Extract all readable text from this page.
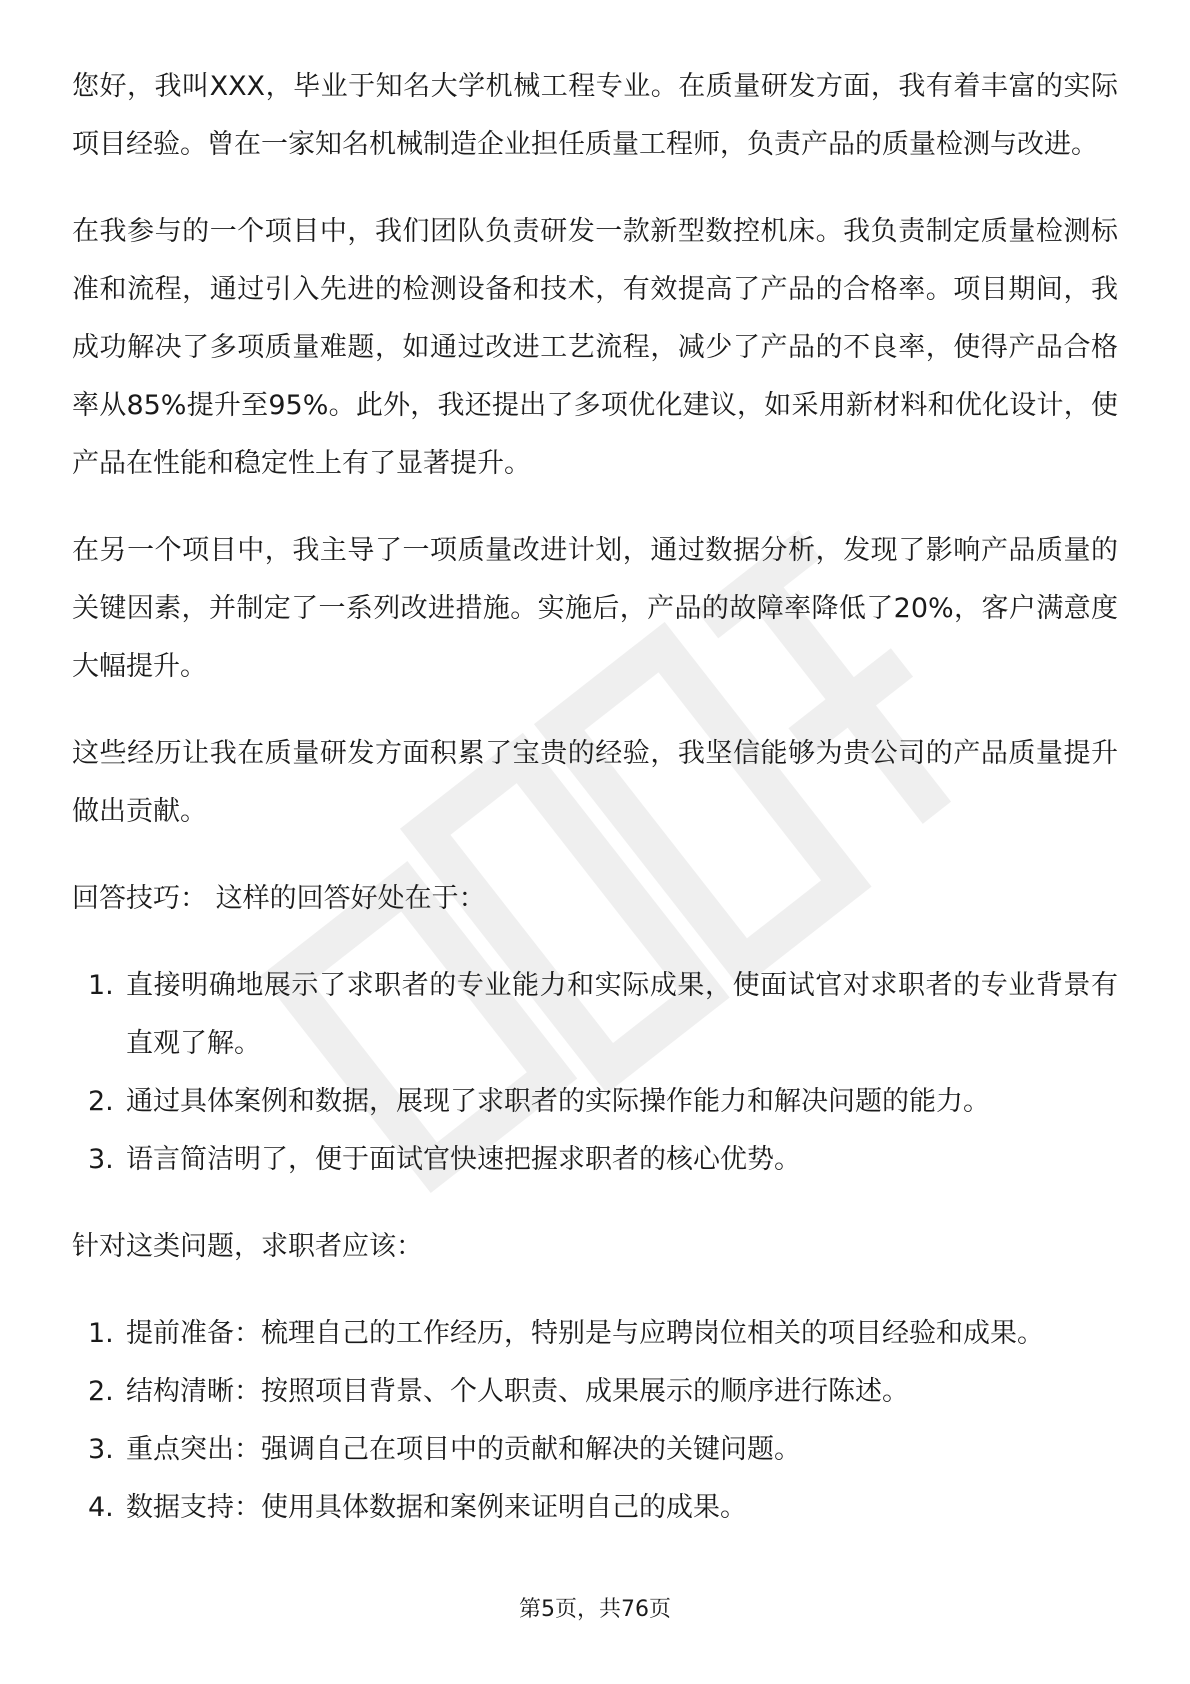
您好，我叫XXX，毕业于知名大学机械工程专业。在质量研发方面，我有着丰富的实际项目经验。曾在一家知名机械制造企业担任质量工程师，负责产品的质量检测与改进。

在我参与的一个项目中，我们团队负责研发一款新型数控机床。我负责制定质量检测标准和流程，通过引入先进的检测设备和技术，有效提高了产品的合格率。项目期间，我成功解决了多项质量难题，如通过改进工艺流程，减少了产品的不良率，使得产品合格率从85%提升至95%。此外，我还提出了多项优化建议，如采用新材料和优化设计，使产品在性能和稳定性上有了显著提升。

在另一个项目中，我主导了一项质量改进计划，通过数据分析，发现了影响产品质量的关键因素，并制定了一系列改进措施。实施后，产品的故障率降低了20%，客户满意度大幅提升。

这些经历让我在质量研发方面积累了宝贵的经验，我坚信能够为贵公司的产品质量提升做出贡献。

回答技巧： 这样的回答好处在于：

1. 直接明确地展示了求职者的专业能力和实际成果，使面试官对求职者的专业背景有直观了解。
2. 通过具体案例和数据，展现了求职者的实际操作能力和解决问题的能力。
3. 语言简洁明了，便于面试官快速把握求职者的核心优势。

针对这类问题，求职者应该：

1. 提前准备：梳理自己的工作经历，特别是与应聘岗位相关的项目经验和成果。
2. 结构清晰：按照项目背景、个人职责、成果展示的顺序进行陈述。
3. 重点突出：强调自己在项目中的贡献和解决的关键问题。
4. 数据支持：使用具体数据和案例来证明自己的成果。
第5页，共76页
